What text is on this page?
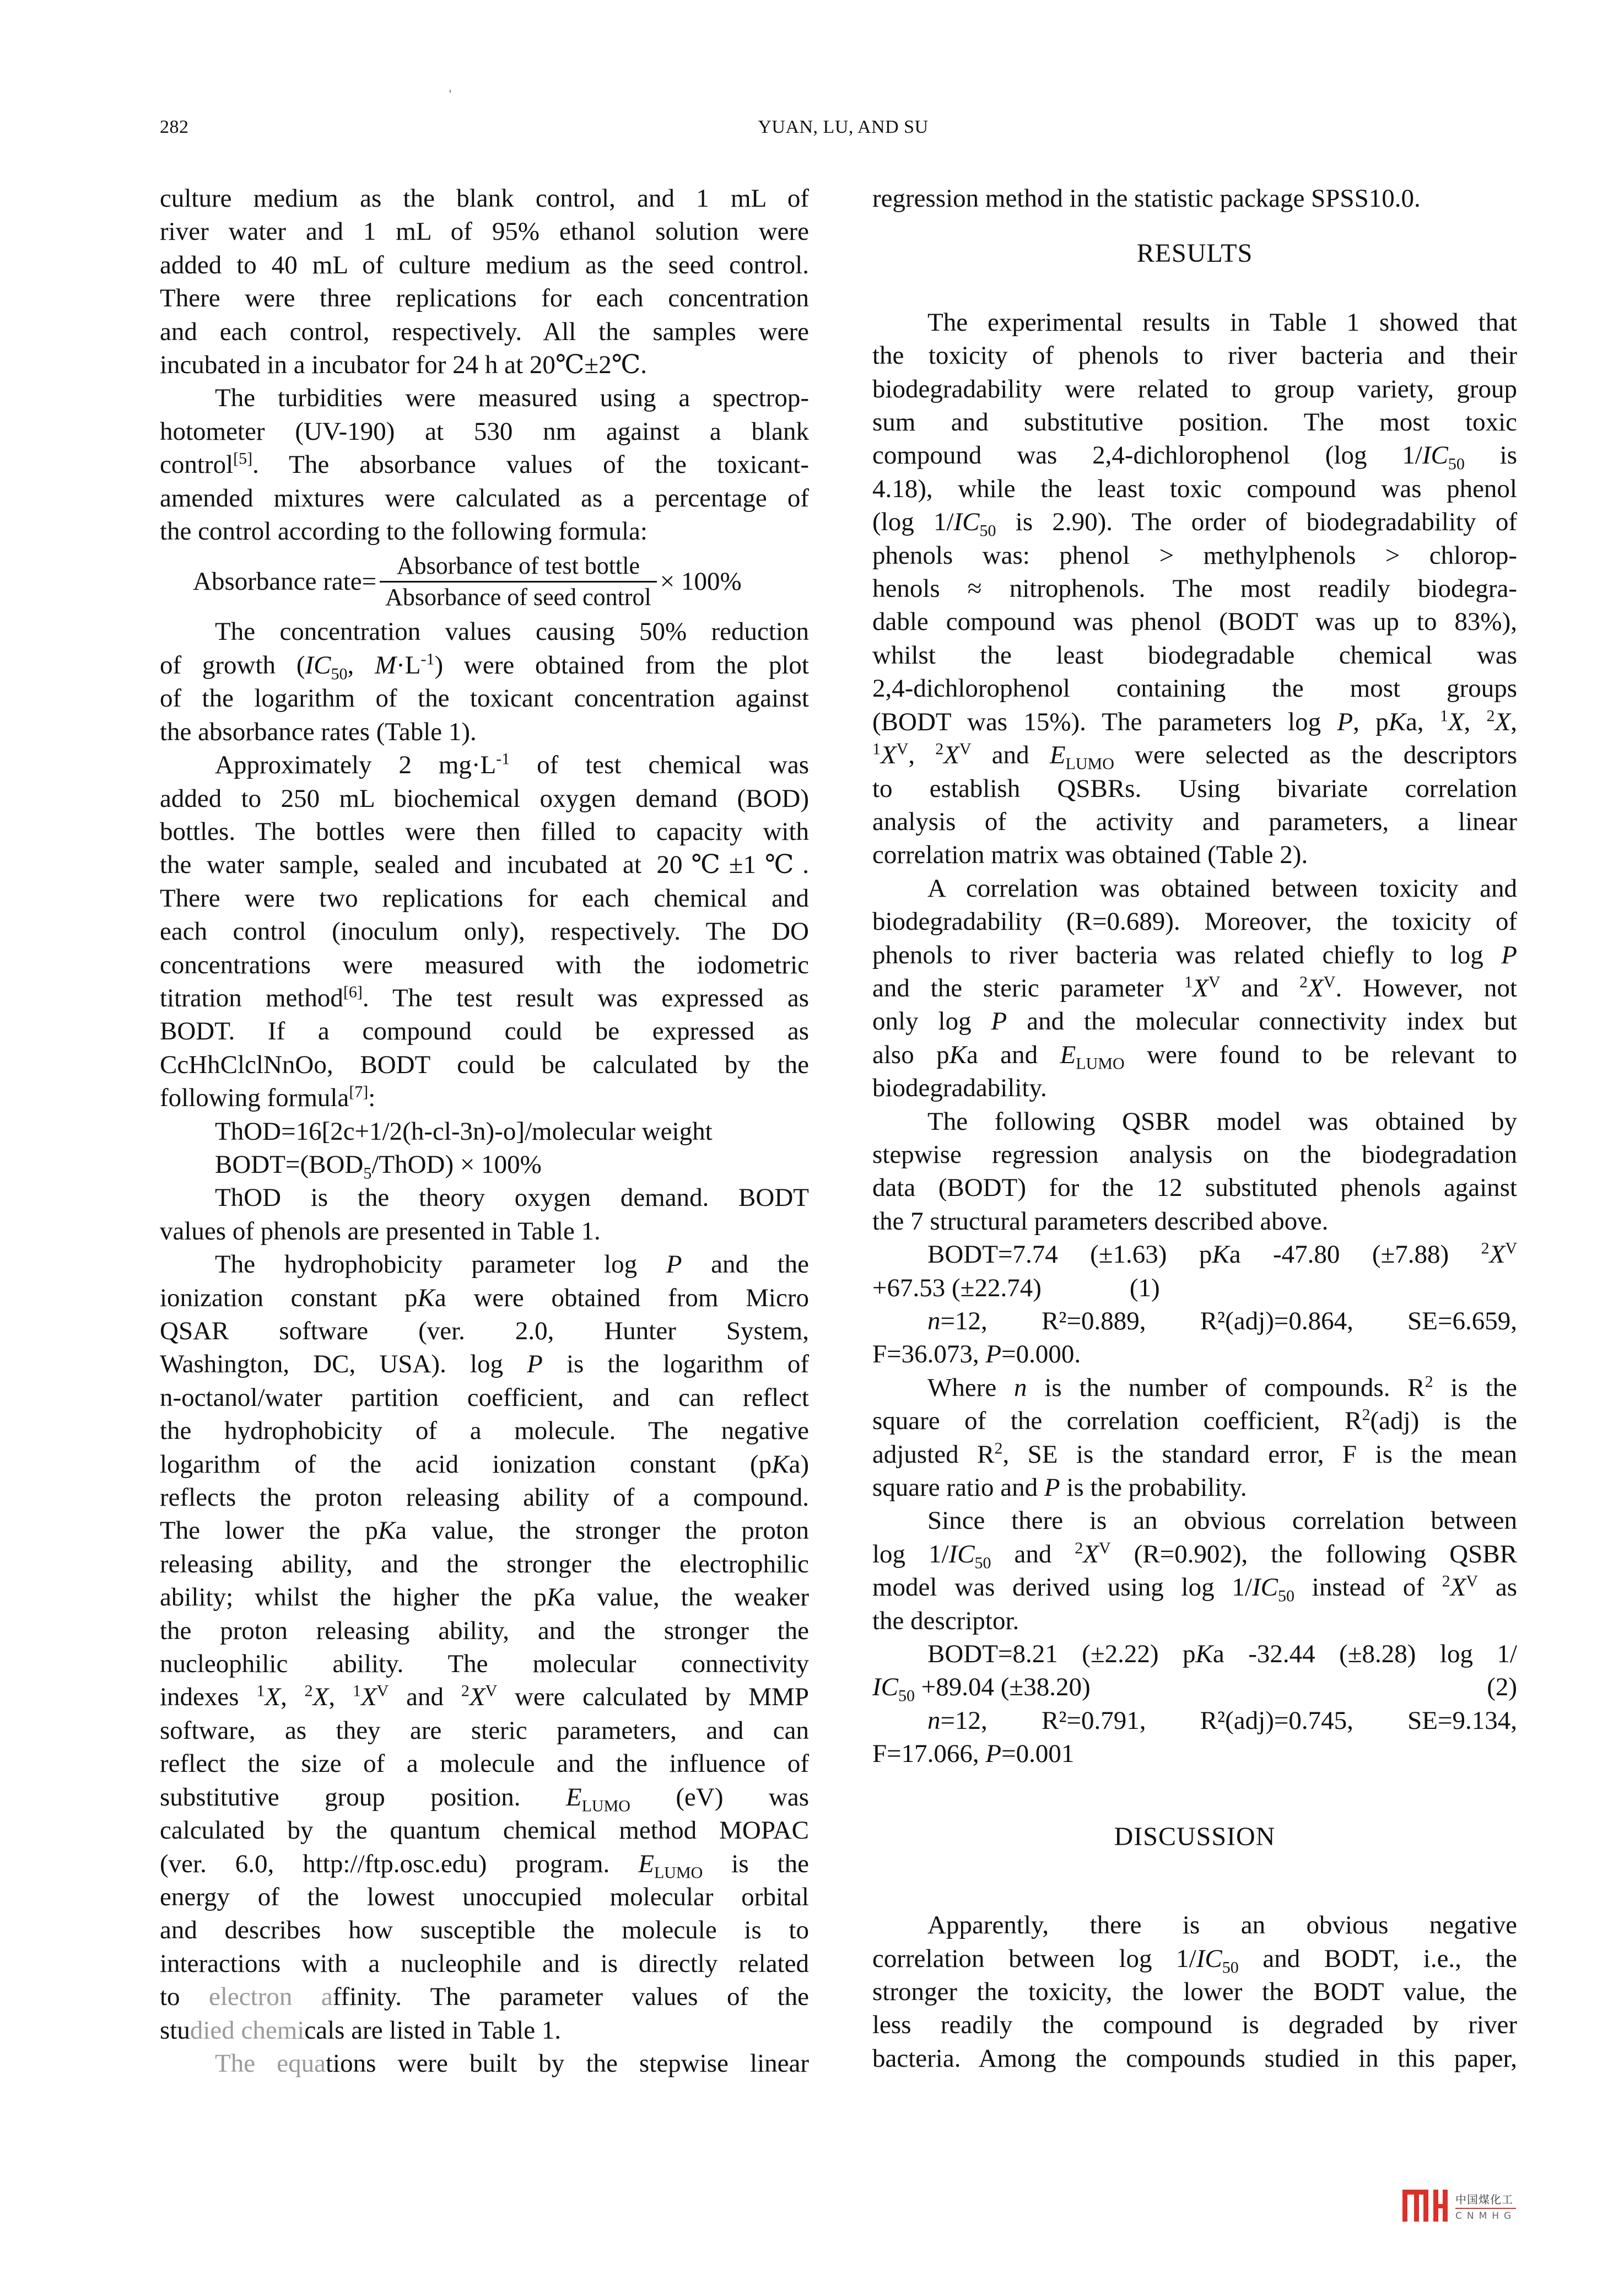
'
282	YUAN, LU, AND SU
culture medium as the blank control, and 1 mL of
river water and 1 mL of 95% ethanol solution were
added to 40 mL of culture medium as the seed control.
There were three replications for each concentration
and each control, respectively. All the samples were
incubated in a incubator for 24 h at 20℃±2℃.
The turbidities were measured using a spectrop-
hotometer (UV-190) at 530 nm against a blank
control[5]. The absorbance values of the toxicant-
amended mixtures were calculated as a percentage of
the control according to the following formula:
Absorbance rate= $\frac{\text{Absorbance of test bottle}}{\text{Absorbance of seed control}} \times 100\%$
The concentration values causing 50% reduction
of growth ($IC_{50}$, $M\cdot L^{-1}$) were obtained from the plot
of the logarithm of the toxicant concentration against
the absorbance rates (Table 1).
Approximately 2 $mg\cdot L^{-1}$ of test chemical was
added to 250 mL biochemical oxygen demand (BOD)
bottles. The bottles were then filled to capacity with
the water sample, sealed and incubated at 20℃±1℃.
There were two replications for each chemical and
each control (inoculum only), respectively. The DO
concentrations were measured with the iodometric
titration method[6]. The test result was expressed as
BODT. If a compound could be expressed as
CcHhClclNnOo, BODT could be calculated by the
following formula[7]:
ThOD=16[2c+1/2(h-cl-3n)-o]/molecular weight
$BODT=(BOD_5/ThOD) \times 100\%$
ThOD is the theory oxygen demand. BODT
values of phenols are presented in Table 1.
The hydrophobicity parameter log P and the
ionization constant pKa were obtained from Micro
QSAR software (ver. 2.0, Hunter System,
Washington, DC, USA). log P is the logarithm of
n-octanol/water partition coefficient, and can reflect
the hydrophobicity of a molecule. The negative
logarithm of the acid ionization constant (pKa)
reflects the proton releasing ability of a compound.
The lower the pKa value, the stronger the proton
releasing ability, and the stronger the electrophilic
ability; whilst the higher the pKa value, the weaker
the proton releasing ability, and the stronger the
nucleophilic ability. The molecular connectivity
indexes $^1$X, $^2$X, $^1X^V$ and $^2X^V$ were calculated by MMP
software, as they are steric parameters, and can
reflect the size of a molecule and the influence of
substitutive group position. $E_{LUMO}$ (eV) was
calculated by the quantum chemical method MOPAC
(ver. 6.0, http://ftp.osc.edu) program. $E_{LUMO}$ is the
energy of the lowest unoccupied molecular orbital
and describes how susceptible the molecule is to
interactions with a nucleophile and is directly related
to electron affinity. The parameter values of the
studied chemicals are listed in Table 1.
The equations were built by the stepwise linear
regression method in the statistic package SPSS10.0.
RESULTS
The experimental results in Table 1 showed that
the toxicity of phenols to river bacteria and their
biodegradability were related to group variety, group
sum and substitutive position. The most toxic
compound was 2,4-dichlorophenol (log $1/IC_{50}$ is
4.18), while the least toxic compound was phenol
(log $1/IC_{50}$ is 2.90). The order of biodegradability of
phenols was: phenol > methylphenols > chlorop-
henols ≈ nitrophenols. The most readily biodegra-
dable compound was phenol (BODT was up to 83%),
whilst the least biodegradable chemical was
2,4-dichlorophenol containing the most groups
(BODT was 15%). The parameters log P, pKa, $^1$X, $^2$X,
$^1X^V$, $^2X^V$ and $E_{LUMO}$ were selected as the descriptors
to establish QSBRs. Using bivariate correlation
analysis of the activity and parameters, a linear
correlation matrix was obtained (Table 2).
A correlation was obtained between toxicity and
biodegradability (R=0.689). Moreover, the toxicity of
phenols to river bacteria was related chiefly to log P
and the steric parameter $^1X^V$ and $^2X^V$. However, not
only log P and the molecular connectivity index but
also pKa and $E_{LUMO}$ were found to be relevant to
biodegradability.
The following QSBR model was obtained by
stepwise regression analysis on the biodegradation
data (BODT) for the 12 substituted phenols against
the 7 structural parameters described above.
BODT=7.74 (±1.63) pKa -47.80 (±7.88) $^2X^V$
+67.53 (±22.74)	(1)
n=12, R²=0.889, R²(adj)=0.864, SE=6.659,
F=36.073, P=0.000.
Where n is the number of compounds. $R^2$ is the
square of the correlation coefficient, $R^2(adj)$ is the
adjusted $R^2$, SE is the standard error, F is the mean
square ratio and P is the probability.
Since there is an obvious correlation between
$\log 1/IC_{50}$ and $^2X^V$ (R=0.902), the following QSBR
model was derived using $\log 1/IC_{50}$ instead of $^2X^V$ as
the descriptor.
BODT=8.21 (±2.22) pKa -32.44 (±8.28) log 1/
$IC_{50} +89.04$ (±38.20)	(2)
n=12, R²=0.791, R²(adj)=0.745, SE=9.134,
F=17.066, P=0.001
DISCUSSION
Apparently, there is an obvious negative
correlation between $\log 1/IC_{50}$ and BODT, i.e., the
stronger the toxicity, the lower the BODT value, the
less readily the compound is degraded by river
bacteria. Among the compounds studied in this paper,
中国煤化工
CNMHG
